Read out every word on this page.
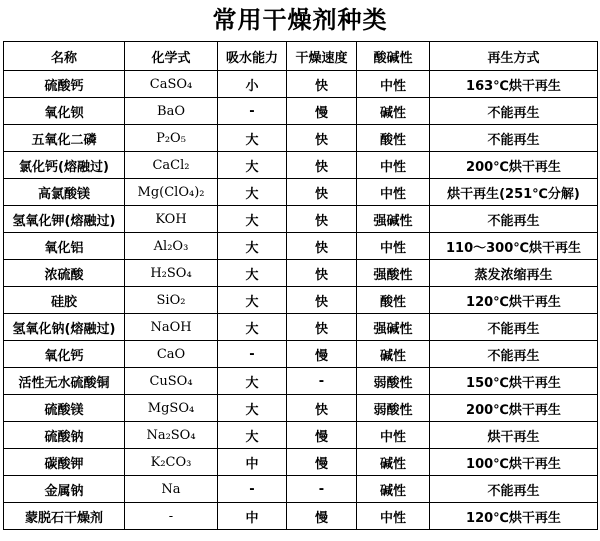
常用干燥剂种类
名称	化学式	吸水能力	干燥速度	酸碱性	再生方式
硫酸钙	CaSO₄	小	快	中性	163℃烘干再生
氧化钡	BaO	-	慢	碱性	不能再生
五氧化二磷	P₂O₅	大	快	酸性	不能再生
氯化钙(熔融过)	CaCl₂	大	快	中性	200℃烘干再生
高氯酸镁	Mg(ClO₄)₂	大	快	中性	烘干再生(251℃分解)
氢氧化钾(熔融过)	KOH	大	快	强碱性	不能再生
氧化铝	Al₂O₃	大	快	中性	110～300℃烘干再生
浓硫酸	H₂SO₄	大	快	强酸性	蒸发浓缩再生
硅胶	SiO₂	大	快	酸性	120℃烘干再生
氢氧化钠(熔融过)	NaOH	大	快	强碱性	不能再生
氧化钙	CaO	-	慢	碱性	不能再生
活性无水硫酸铜	CuSO₄	大	-	弱酸性	150℃烘干再生
硫酸镁	MgSO₄	大	快	弱酸性	200℃烘干再生
硫酸钠	Na₂SO₄	大	慢	中性	烘干再生
碳酸钾	K₂CO₃	中	慢	碱性	100℃烘干再生
金属钠	Na	-	-	碱性	不能再生
蒙脱石干燥剂	-	中	慢	中性	120℃烘干再生
